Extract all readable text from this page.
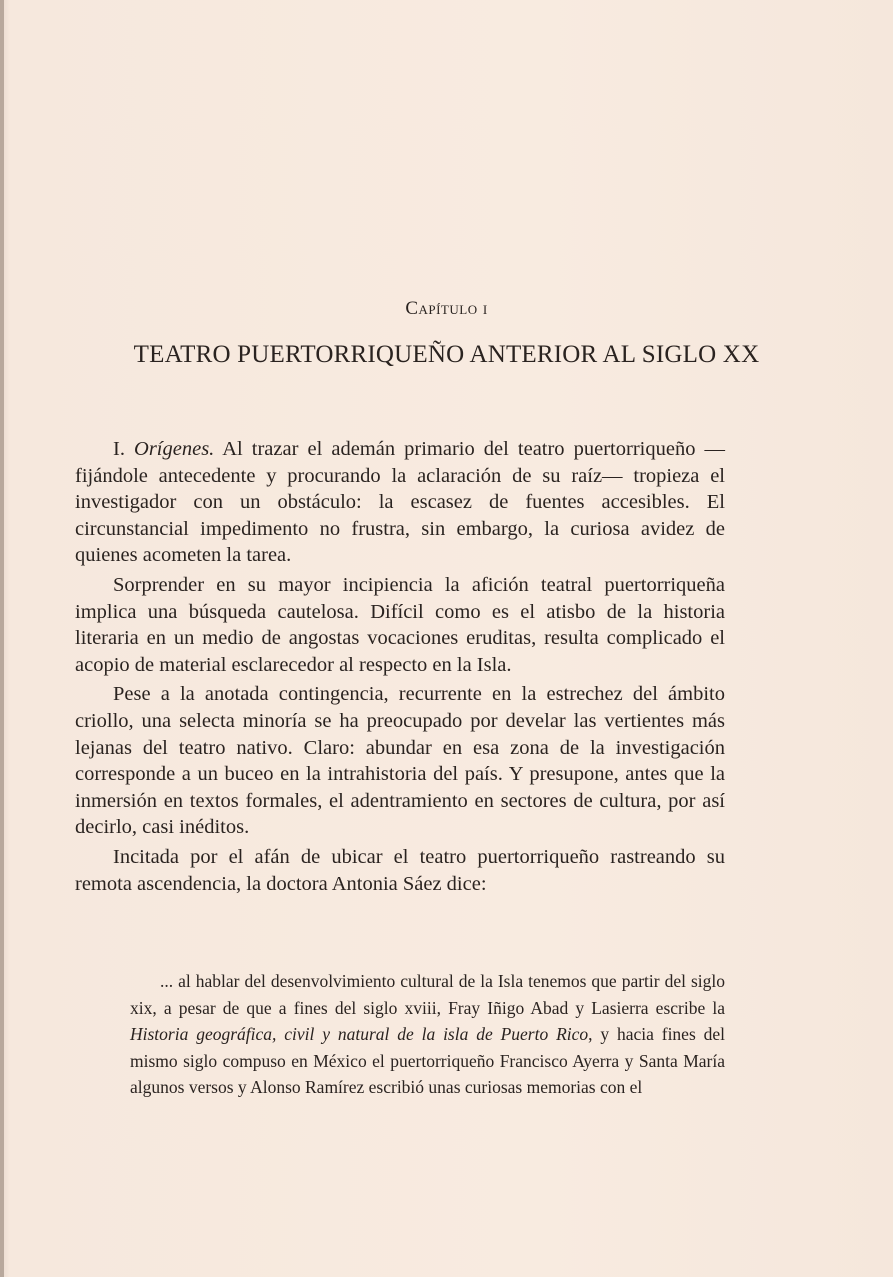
Capítulo i
TEATRO PUERTORRIQUEÑO ANTERIOR AL SIGLO XX

I. Orígenes. Al trazar el ademán primario del teatro puertorriqueño —fijándole antecedente y procurando la aclaración de su raíz— tropieza el investigador con un obstáculo: la escasez de fuentes accesibles. El circunstancial impedimento no frustra, sin embargo, la curiosa avidez de quienes acometen la tarea.

Sorprender en su mayor incipiencia la afición teatral puertorriqueña implica una búsqueda cautelosa. Difícil como es el atisbo de la historia literaria en un medio de angostas vocaciones eruditas, resulta complicado el acopio de material esclarecedor al respecto en la Isla.

Pese a la anotada contingencia, recurrente en la estrechez del ámbito criollo, una selecta minoría se ha preocupado por develar las vertientes más lejanas del teatro nativo. Claro: abundar en esa zona de la investigación corresponde a un buceo en la intrahistoria del país. Y presupone, antes que la inmersión en textos formales, el adentramiento en sectores de cultura, por así decirlo, casi inéditos.

Incitada por el afán de ubicar el teatro puertorriqueño rastreando su remota ascendencia, la doctora Antonia Sáez dice:

... al hablar del desenvolvimiento cultural de la Isla tenemos que partir del siglo xix, a pesar de que a fines del siglo xviii, Fray Iñigo Abad y Lasierra escribe la Historia geográfica, civil y natural de la isla de Puerto Rico, y hacia fines del mismo siglo compuso en México el puertorriqueño Francisco Ayerra y Santa María algunos versos y Alonso Ramírez escribió unas curiosas memorias con el
